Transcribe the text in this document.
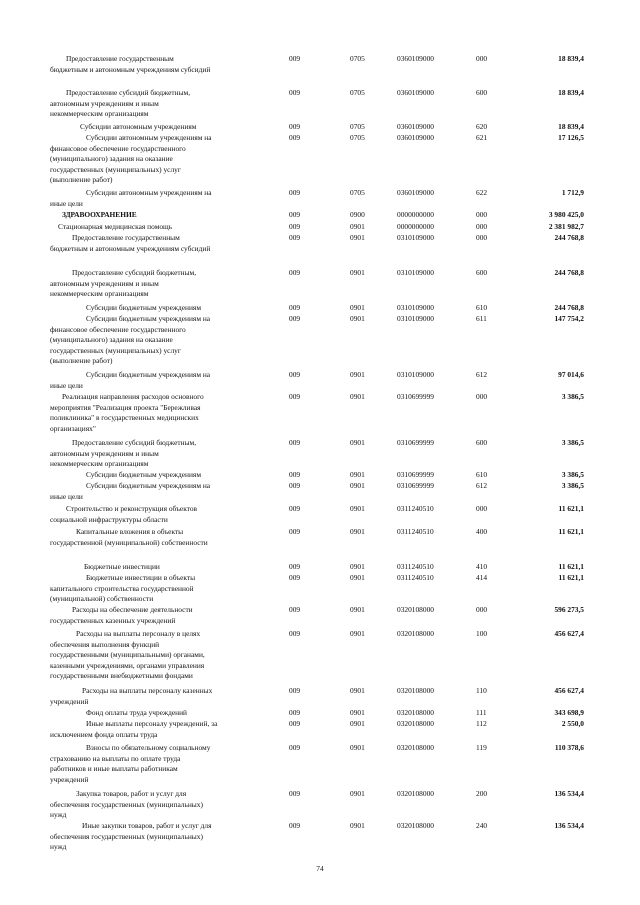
Предоставление государственным
бюджетным и автономным учреждениям субсидий
009	0705	0360109000	000	18 839,4
Предоставление субсидий бюджетным,
автономным учреждениям и иным
некоммерческим организациям
009	0705	0360109000	600	18 839,4
Субсидии автономным учреждениям	009	0705	0360109000	620	18 839,4
Субсидии автономным учреждениям на
финансовое обеспечение государственного
(муниципального) задания на оказание
государственных (муниципальных) услуг
(выполнение работ)
009	0705	0360109000	621	17 126,5
Субсидии автономным учреждениям на
иные цели
009	0705	0360109000	622	1 712,9
ЗДРАВООХРАНЕНИЕ	009	0900	0000000000	000	3 980 425,0
Стационарная медицинская помощь	009	0901	0000000000	000	2 381 982,7
Предоставление государственным
бюджетным и автономным учреждениям субсидий
009	0901	0310109000	000	244 768,8
Предоставление субсидий бюджетным,
автономным учреждениям и иным
некоммерческим организациям
009	0901	0310109000	600	244 768,8
Субсидии бюджетным учреждениям	009	0901	0310109000	610	244 768,8
Субсидии бюджетным учреждениям на
финансовое обеспечение государственного
(муниципального) задания на оказание
государственных (муниципальных) услуг
(выполнение работ)
009	0901	0310109000	611	147 754,2
Субсидии бюджетным учреждениям на
иные цели
009	0901	0310109000	612	97 014,6
Реализация направления расходов основного
мероприятия "Реализация проекта "Бережливая
поликлиника" в государственных медицинских
организациях"
009	0901	0310699999	000	3 386,5
Предоставление субсидий бюджетным,
автономным учреждениям и иным
некоммерческим организациям
009	0901	0310699999	600	3 386,5
Субсидии бюджетным учреждениям	009	0901	0310699999	610	3 386,5
Субсидии бюджетным учреждениям на
иные цели
009	0901	0310699999	612	3 386,5
Строительство и реконструкция объектов
социальной инфраструктуры области
009	0901	0311240510	000	11 621,1
Капитальные вложения в объекты
государственной (муниципальной) собственности
009	0901	0311240510	400	11 621,1
Бюджетные инвестиции	009	0901	0311240510	410	11 621,1
Бюджетные инвестиции в объекты
капитального строительства государственной
(муниципальной) собственности
009	0901	0311240510	414	11 621,1
Расходы на обеспечение деятельности
государственных казенных учреждений
009	0901	0320108000	000	596 273,5
Расходы на выплаты персоналу в целях
обеспечения выполнения функций
государственными (муниципальными) органами,
казенными учреждениями, органами управления
государственными внебюджетными фондами
009	0901	0320108000	100	456 627,4
Расходы на выплаты персоналу казенных
учреждений
009	0901	0320108000	110	456 627,4
Фонд оплаты труда учреждений	009	0901	0320108000	111	343 698,9
Иные выплаты персоналу учреждений, за
исключением фонда оплаты труда
009	0901	0320108000	112	2 550,0
Взносы по обязательному социальному
страхованию на выплаты по оплате труда
работников и иные выплаты работникам
учреждений
009	0901	0320108000	119	110 378,6
Закупка товаров, работ и услуг для
обеспечения государственных (муниципальных)
нужд
009	0901	0320108000	200	136 534,4
Иные закупки товаров, работ и услуг для
обеспечения государственных (муниципальных)
нужд
009	0901	0320108000	240	136 534,4
74
